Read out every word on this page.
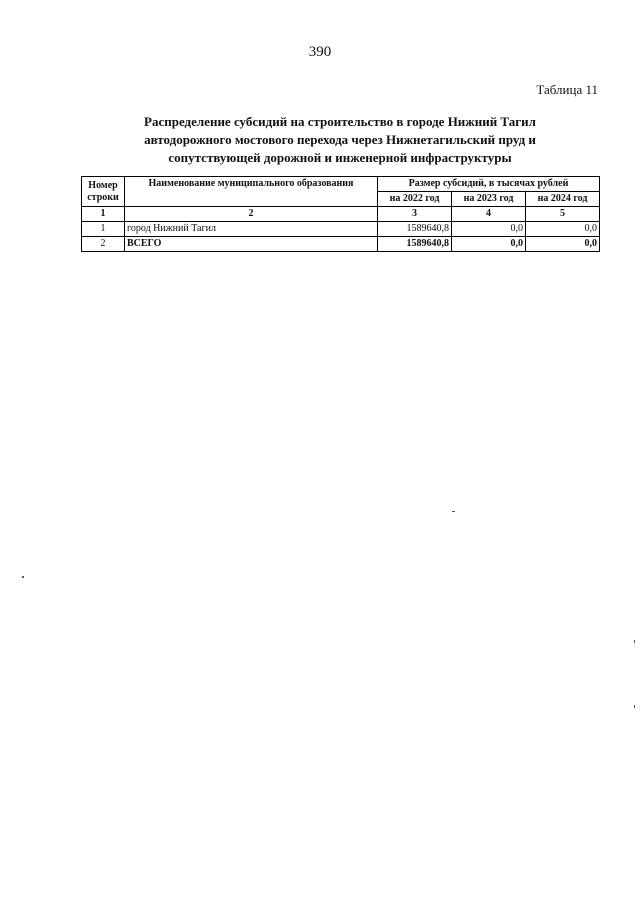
390
Таблица 11
Распределение субсидий на строительство в городе Нижний Тагил
автодорожного мостового перехода через Нижнетагильский пруд и
сопутствующей дорожной и инженерной инфраструктуры
Номер
строки	Наименование муниципального образования	Размер субсидий, в тысячах рублей		
		на 2022 год	на 2023 год	на 2024 год
1	2	3	4	5
1	город Нижний Тагил	1589640,8	0,0	0,0
2	ВСЕГО	1589640,8	0,0	0,0
